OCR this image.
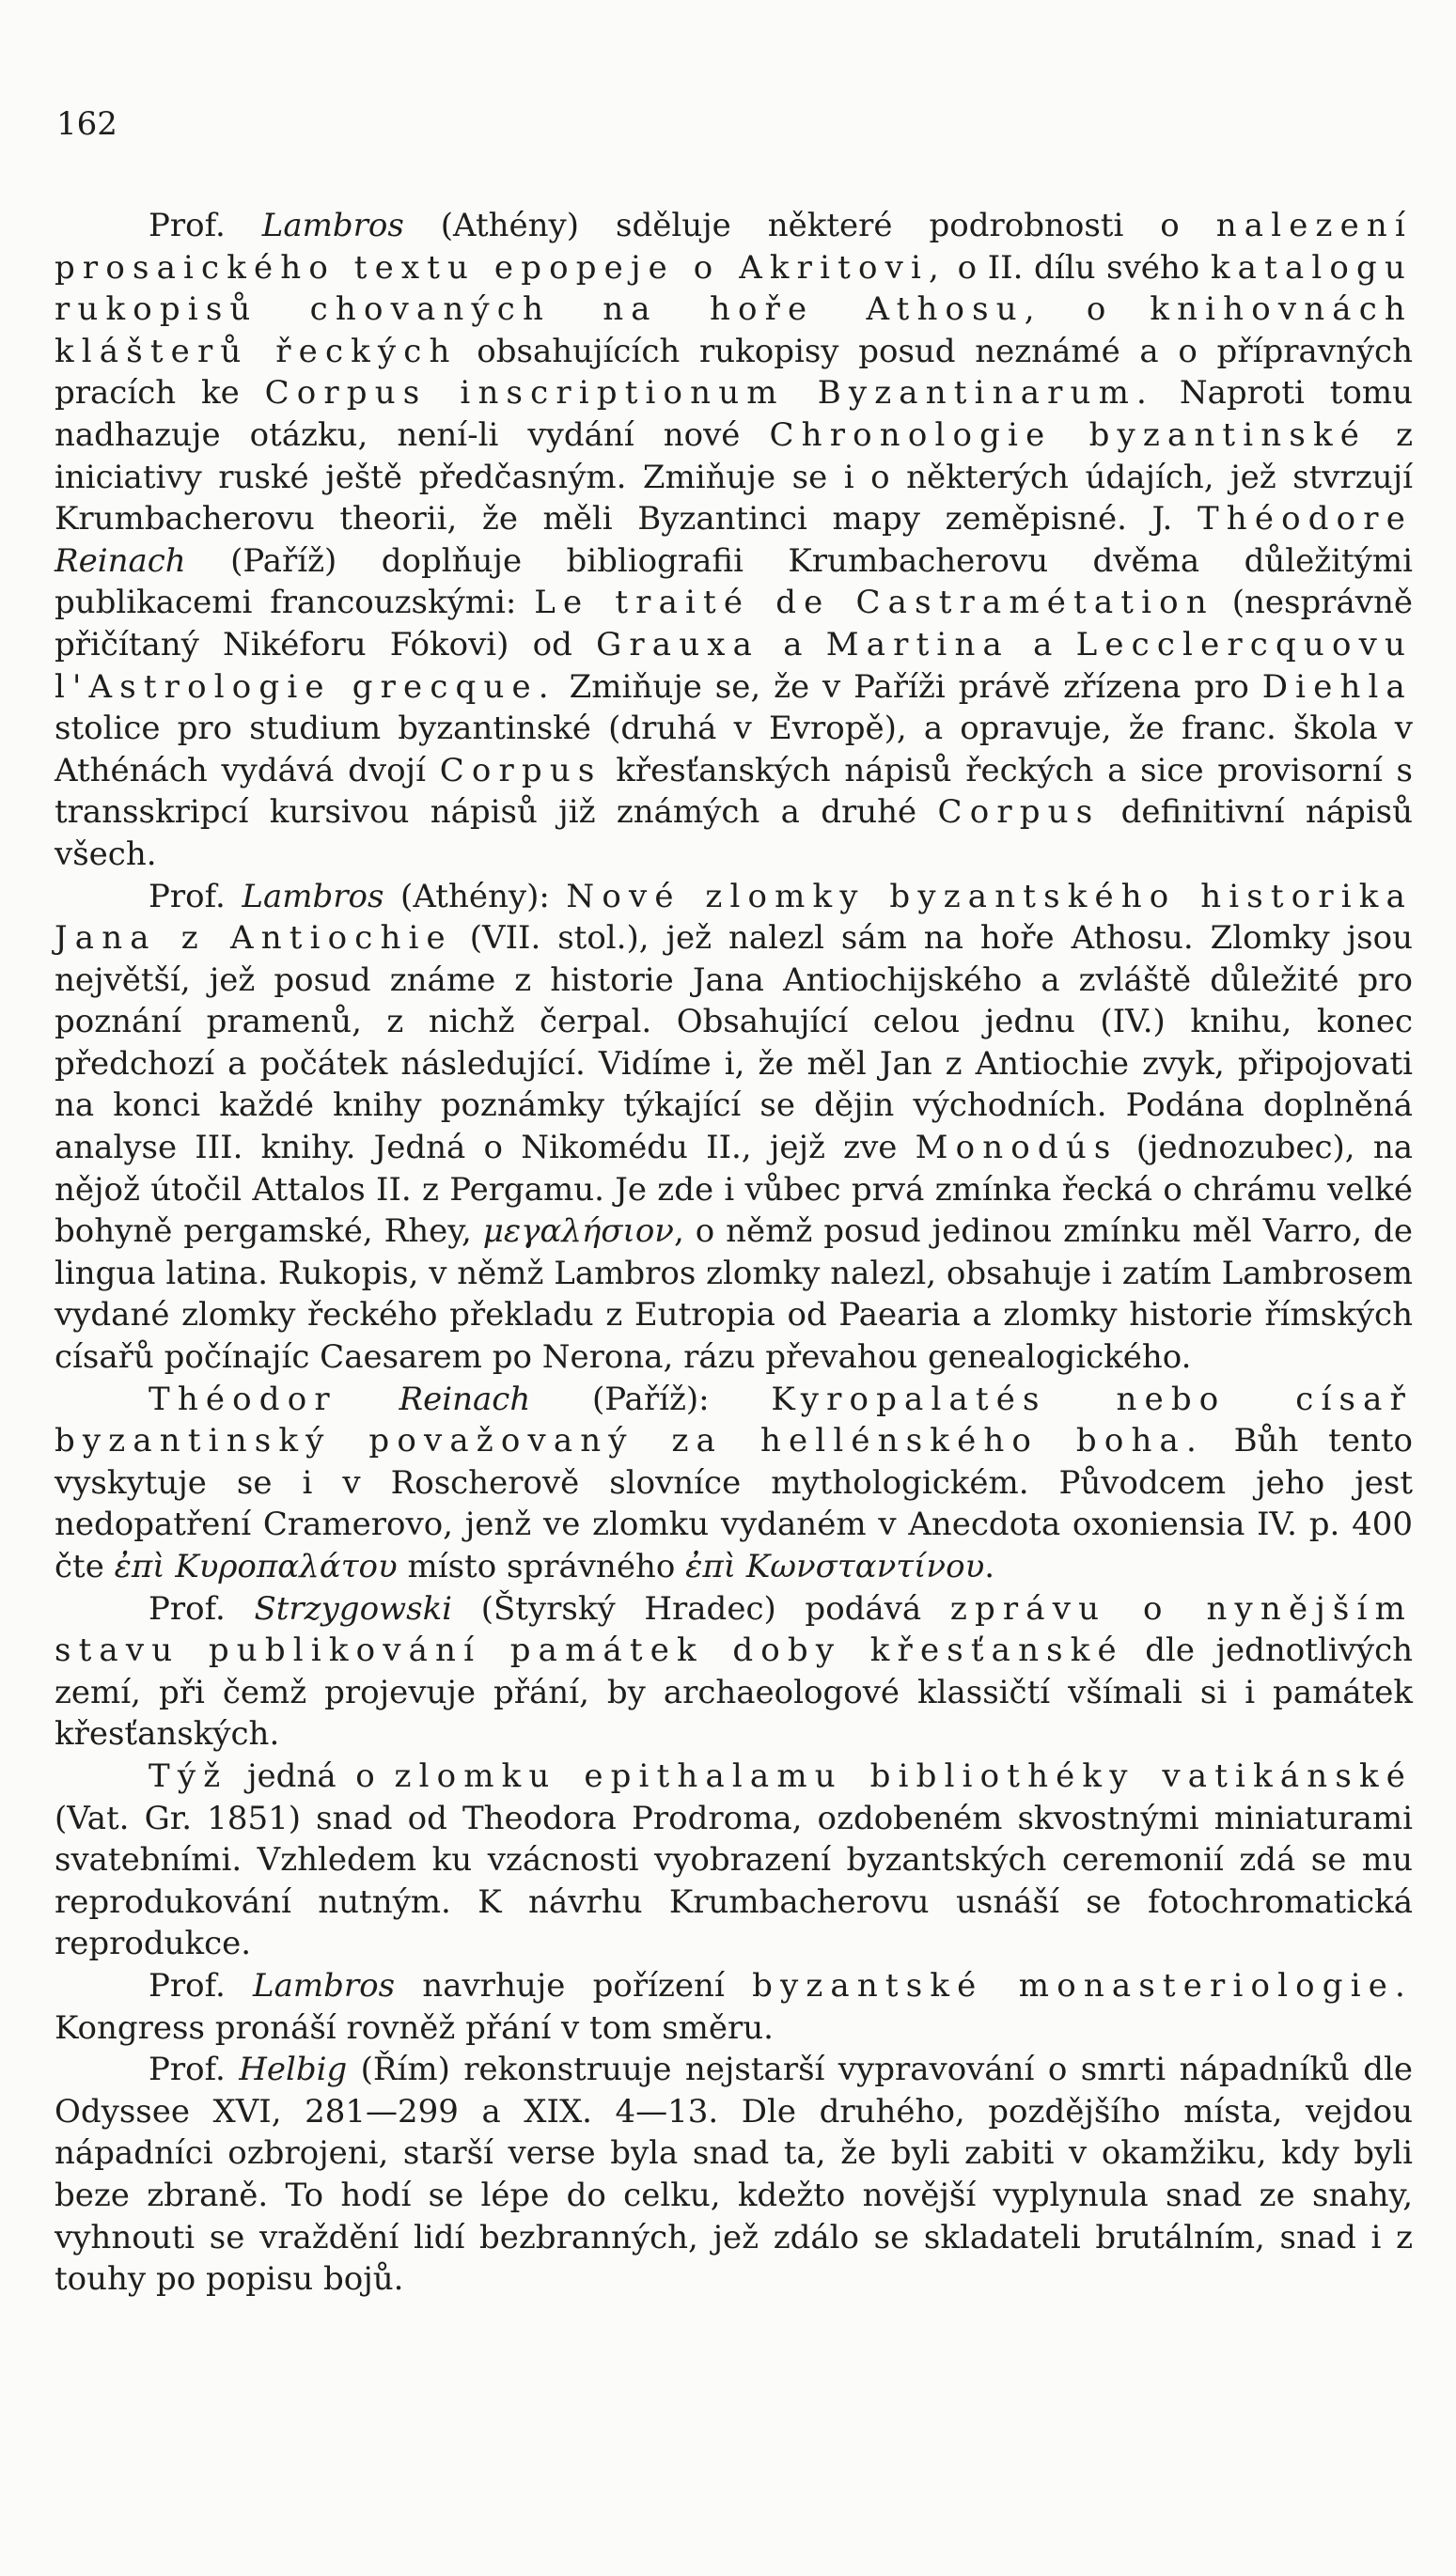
162

Prof. Lambros (Athény) sděluje některé podrobnosti o nalezení prosaického textu epopeje o Akritovi, o II. dílu svého katalogu rukopisů chovaných na hoře Athosu, o knihovnách klášterů řeckých obsahujících rukopisy posud neznámé a o přípravných pracích ke Corpus inscriptionum Byzantinarum. Naproti tomu nadhazuje otázku, není-li vydání nové Chronologie byzantinské z iniciativy ruské ještě předčasným. Zmiňuje se i o některých údajích, jež stvrzují Krumbacherovu theorii, že měli Byzantinci mapy zeměpisné. J. Théodore Reinach (Paříž) doplňuje bibliografii Krumbacherovu dvěma důležitými publikacemi francouzskými: Le traité de Castramétation (nesprávně přičítaný Nikéforu Fókovi) od Grauxa a Martina a Lecclercquovu l'Astrologie grecque. Zmiňuje se, že v Paříži právě zřízena pro Diehla stolice pro studium byzantinské (druhá v Evropě), a opravuje, že franc. škola v Athénách vydává dvojí Corpus křesťanských nápisů řeckých a sice provisorní s transskripcí kursivou nápisů již známých a druhé Corpus definitivní nápisů všech.

Prof. Lambros (Athény): Nové zlomky byzantského historika Jana z Antiochie (VII. stol.), jež nalezl sám na hoře Athosu. Zlomky jsou největší, jež posud známe z historie Jana Antiochijského a zvláště důležité pro poznání pramenů, z nichž čerpal. Obsahující celou jednu (IV.) knihu, konec předchozí a počátek následující. Vidíme i, že měl Jan z Antiochie zvyk, připojovati na konci každé knihy poznámky týkající se dějin východních. Podána doplněná analyse III. knihy. Jedná o Nikomédu II., jejž zve Monodús (jednozubec), na nějož útočil Attalos II. z Pergamu. Je zde i vůbec prvá zmínka řecká o chrámu velké bohyně pergamské, Rhey, μεγαλήσιον, o němž posud jedinou zmínku měl Varro, de lingua latina. Rukopis, v němž Lambros zlomky nalezl, obsahuje i zatím Lambrosem vydané zlomky řeckého překladu z Eutropia od Paearia a zlomky historie římských císařů počínajíc Caesarem po Nerona, rázu převahou genealogického.

Théodor Reinach (Paříž): Kyropalatés nebo císař byzantinský považovaný za hellénského boha. Bůh tento vyskytuje se i v Roscherově slovníce mythologickém. Původcem jeho jest nedopatření Cramerovo, jenž ve zlomku vydaném v Anecdota oxoniensia IV. p. 400 čte ἐπὶ Κυροπαλάτου místo správného ἐπὶ Κωνσταντίνου.

Prof. Strzygowski (Štyrský Hradec) podává zprávu o nynějším stavu publikování památek doby křesťanské dle jednotlivých zemí, při čemž projevuje přání, by archaeologové klassičtí všímali si i památek křesťanských.

Týž jedná o zlomku epithalamu bibliothéky vatikánské (Vat. Gr. 1851) snad od Theodora Prodroma, ozdobeném skvostnými miniaturami svatebními. Vzhledem ku vzácnosti vyobrazení byzantských ceremonií zdá se mu reprodukování nutným. K návrhu Krumbacherovu usnáší se fotochromatická reprodukce.

Prof. Lambros navrhuje pořízení byzantské monasteriologie. Kongress pronáší rovněž přání v tom směru.

Prof. Helbig (Řím) rekonstruuje nejstarší vypravování o smrti nápadníků dle Odyssee XVI, 281—299 a XIX. 4—13. Dle druhého, pozdějšího místa, vejdou nápadníci ozbrojeni, starší verse byla snad ta, že byli zabiti v okamžiku, kdy byli beze zbraně. To hodí se lépe do celku, kdežto novější vyplynula snad ze snahy, vyhnouti se vraždění lidí bezbranných, jež zdálo se skladateli brutálním, snad i z touhy po popisu bojů.
